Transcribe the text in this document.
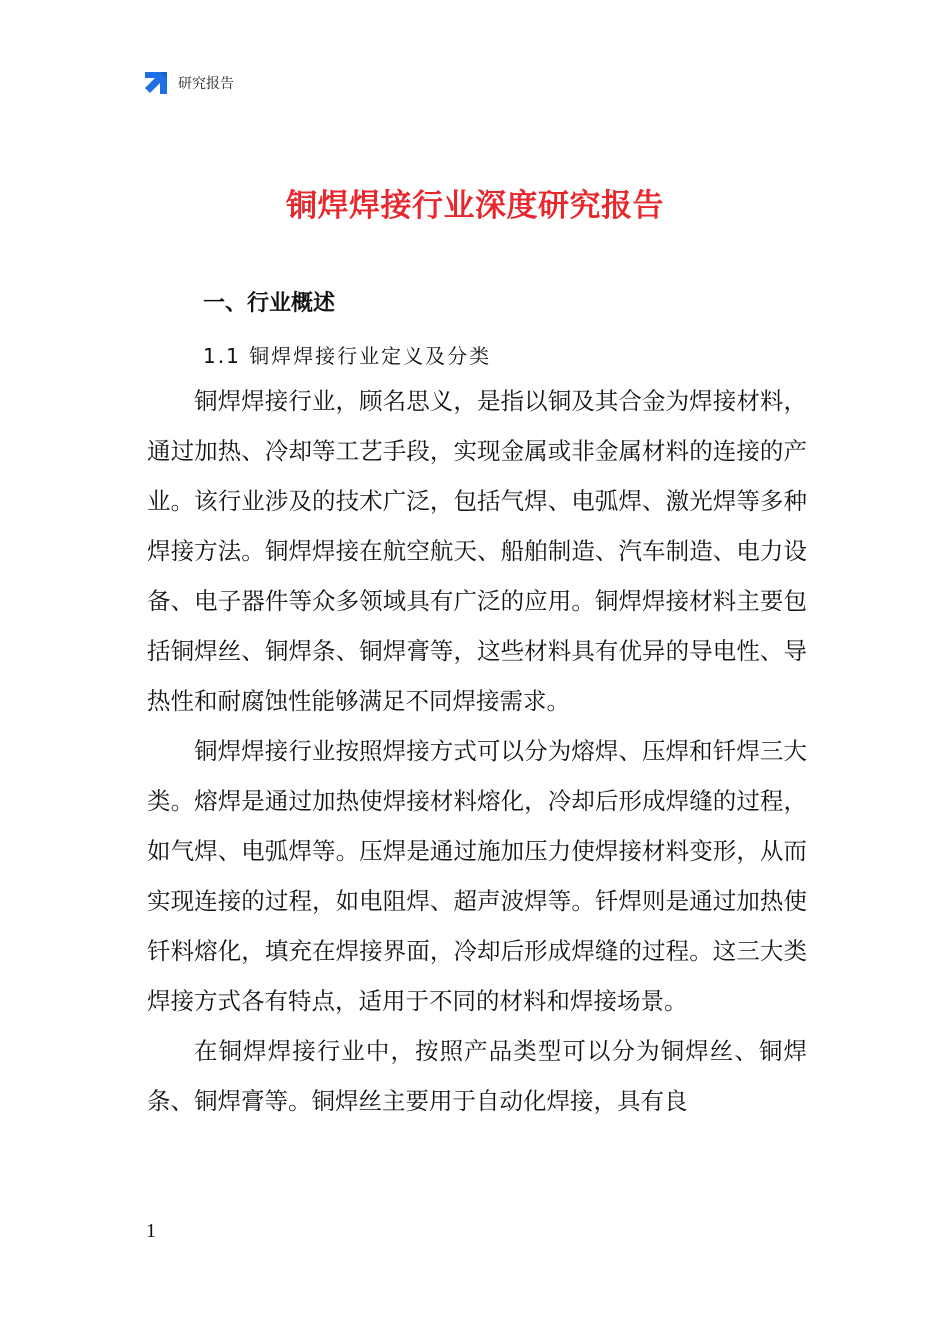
研究报告
铜焊焊接行业深度研究报告
一、行业概述
1.1 铜焊焊接行业定义及分类

铜焊焊接行业，顾名思义，是指以铜及其合金为焊接材料，通过加热、冷却等工艺手段，实现金属或非金属材料的连接的产业。该行业涉及的技术广泛，包括气焊、电弧焊、激光焊等多种焊接方法。铜焊焊接在航空航天、船舶制造、汽车制造、电力设备、电子器件等众多领域具有广泛的应用。铜焊焊接材料主要包括铜焊丝、铜焊条、铜焊膏等，这些材料具有优异的导电性、导热性和耐腐蚀性能够满足不同焊接需求。

铜焊焊接行业按照焊接方式可以分为熔焊、压焊和钎焊三大类。熔焊是通过加热使焊接材料熔化，冷却后形成焊缝的过程，如气焊、电弧焊等。压焊是通过施加压力使焊接材料变形，从而实现连接的过程，如电阻焊、超声波焊等。钎焊则是通过加热使钎料熔化，填充在焊接界面，冷却后形成焊缝的过程。这三大类焊接方式各有特点，适用于不同的材料和焊接场景。

在铜焊焊接行业中，按照产品类型可以分为铜焊丝、铜焊条、铜焊膏等。铜焊丝主要用于自动化焊接，具有良

1
